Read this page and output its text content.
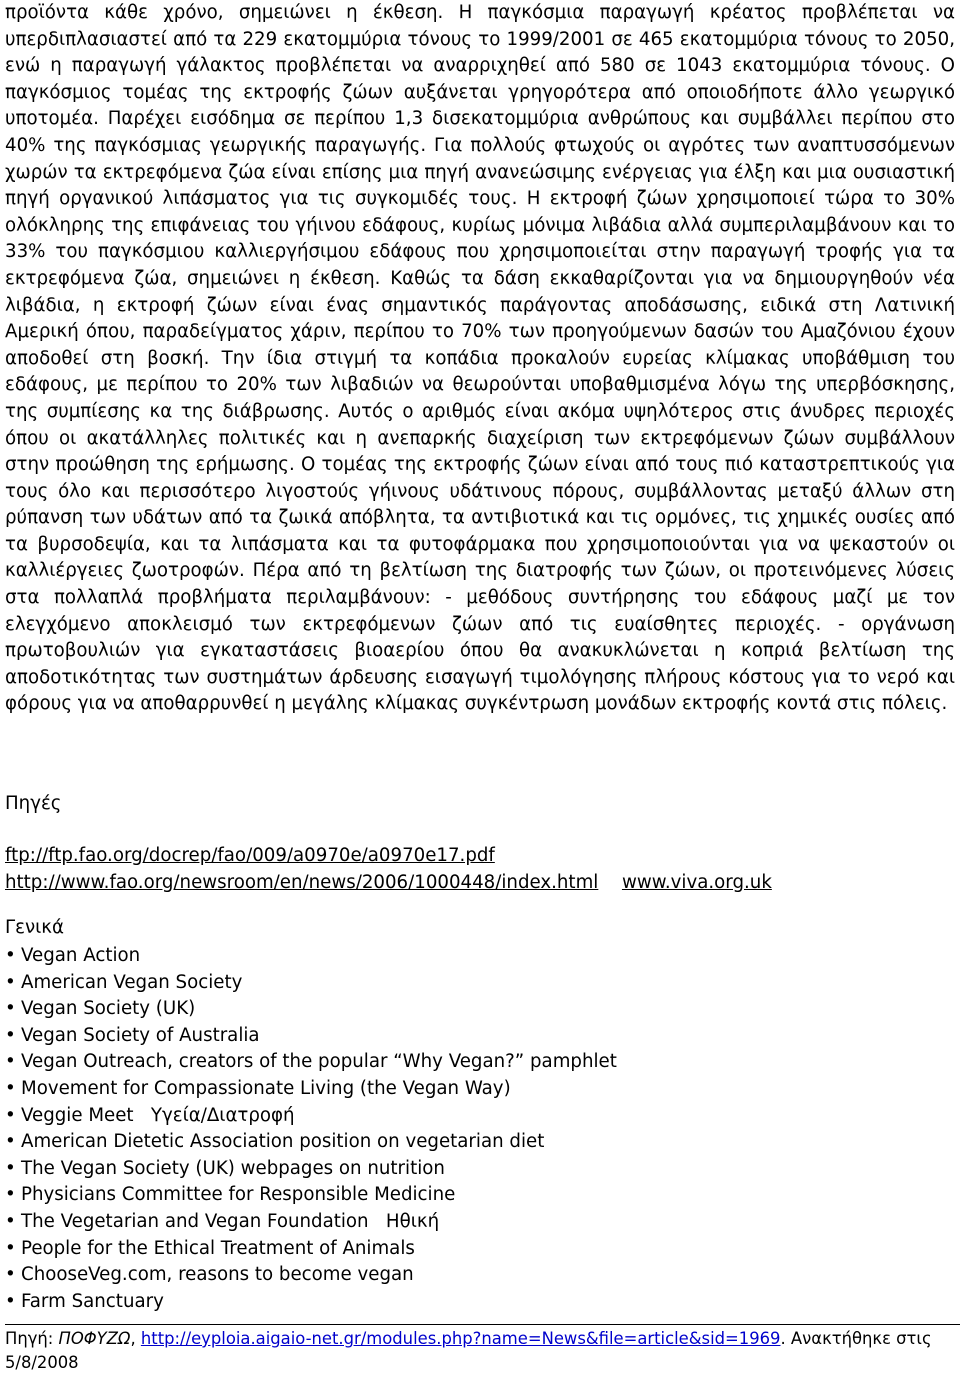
προϊόντα κάθε χρόνο, σημειώνει η έκθεση. Η παγκόσμια παραγωγή κρέατος προβλέπεται να υπερδιπλασιαστεί από τα 229 εκατομμύρια τόνους το 1999/2001 σε 465 εκατομμύρια τόνους το 2050, ενώ η παραγωγή γάλακτος προβλέπεται να αναρριχηθεί από 580 σε 1043 εκατομμύρια τόνους. Ο παγκόσμιος τομέας της εκτροφής ζώων αυξάνεται γρηγορότερα από οποιοδήποτε άλλο γεωργικό υποτομέα. Παρέχει εισόδημα σε περίπου 1,3 δισεκατομμύρια ανθρώπους και συμβάλλει περίπου στο 40% της παγκόσμιας γεωργικής παραγωγής. Για πολλούς φτωχούς οι αγρότες των αναπτυσσόμενων χωρών τα εκτρεφόμενα ζώα είναι επίσης μια πηγή ανανεώσιμης ενέργειας για έλξη και μια ουσιαστική πηγή οργανικού λιπάσματος για τις συγκομιδές τους. Η εκτροφή ζώων χρησιμοποιεί τώρα το 30% ολόκληρης της επιφάνειας του γήινου εδάφους, κυρίως μόνιμα λιβάδια αλλά συμπεριλαμβάνουν και το 33% του παγκόσμιου καλλιεργήσιμου εδάφους που χρησιμοποιείται στην παραγωγή τροφής για τα εκτρεφόμενα ζώα, σημειώνει η έκθεση. Καθώς τα δάση εκκαθαρίζονται για να δημιουργηθούν νέα λιβάδια, η εκτροφή ζώων είναι ένας σημαντικός παράγοντας αποδάσωσης, ειδικά στη Λατινική Αμερική όπου, παραδείγματος χάριν, περίπου το 70% των προηγούμενων δασών του Αμαζόνιου έχουν αποδοθεί στη βοσκή. Την ίδια στιγμή τα κοπάδια προκαλούν ευρείας κλίμακας υποβάθμιση του εδάφους, με περίπου το 20% των λιβαδιών να θεωρούνται υποβαθμισμένα λόγω της υπερβόσκησης, της συμπίεσης κα της διάβρωσης. Αυτός ο αριθμός είναι ακόμα υψηλότερος στις άνυδρες περιοχές όπου οι ακατάλληλες πολιτικές και η ανεπαρκής διαχείριση των εκτρεφόμενων ζώων συμβάλλουν στην προώθηση της ερήμωσης. Ο τομέας της εκτροφής ζώων είναι από τους πιό καταστρεπτικούς για τους όλο και περισσότερο λιγοστούς γήινους υδάτινους πόρους, συμβάλλοντας μεταξύ άλλων στη ρύπανση των υδάτων από τα ζωικά απόβλητα, τα αντιβιοτικά και τις ορμόνες, τις χημικές ουσίες από τα βυρσοδεψία, και τα λιπάσματα και τα φυτοφάρμακα που χρησιμοποιούνται για να ψεκαστούν οι καλλιέργειες ζωοτροφών. Πέρα από τη βελτίωση της διατροφής των ζώων, οι προτεινόμενες λύσεις στα πολλαπλά προβλήματα περιλαμβάνουν: - μεθόδους συντήρησης του εδάφους μαζί με τον ελεγχόμενο αποκλεισμό των εκτρεφόμενων ζώων από τις ευαίσθητες περιοχές. - οργάνωση πρωτοβουλιών για εγκαταστάσεις βιοαερίου όπου θα ανακυκλώνεται η κοπριά βελτίωση της αποδοτικότητας των συστημάτων άρδευσης εισαγωγή τιμολόγησης πλήρους κόστους για το νερό και φόρους για να αποθαρρυνθεί η μεγάλης κλίμακας συγκέντρωση μονάδων εκτροφής κοντά στις πόλεις.

Πηγές

ftp://ftp.fao.org/docrep/fao/009/a0970e/a0970e17.pdf
http://www.fao.org/newsroom/en/news/2006/1000448/index.html www.viva.org.uk

Γενικά

• Vegan Action
• American Vegan Society
• Vegan Society (UK)
• Vegan Society of Australia
• Vegan Outreach, creators of the popular “Why Vegan?” pamphlet
• Movement for Compassionate Living (the Vegan Way)
• Veggie Meet   Υγεία/Διατροφή
• American Dietetic Association position on vegetarian diet
• The Vegan Society (UK) webpages on nutrition
• Physicians Committee for Responsible Medicine
• The Vegetarian and Vegan Foundation   Ηθική
• People for the Ethical Treatment of Animals
• ChooseVeg.com, reasons to become vegan
• Farm Sanctuary
Πηγή: ΠΟΦΥΖΩ, http://eyploia.aigaio-net.gr/modules.php?name=News&file=article&sid=1969. Ανακτήθηκε στις 5/8/2008
